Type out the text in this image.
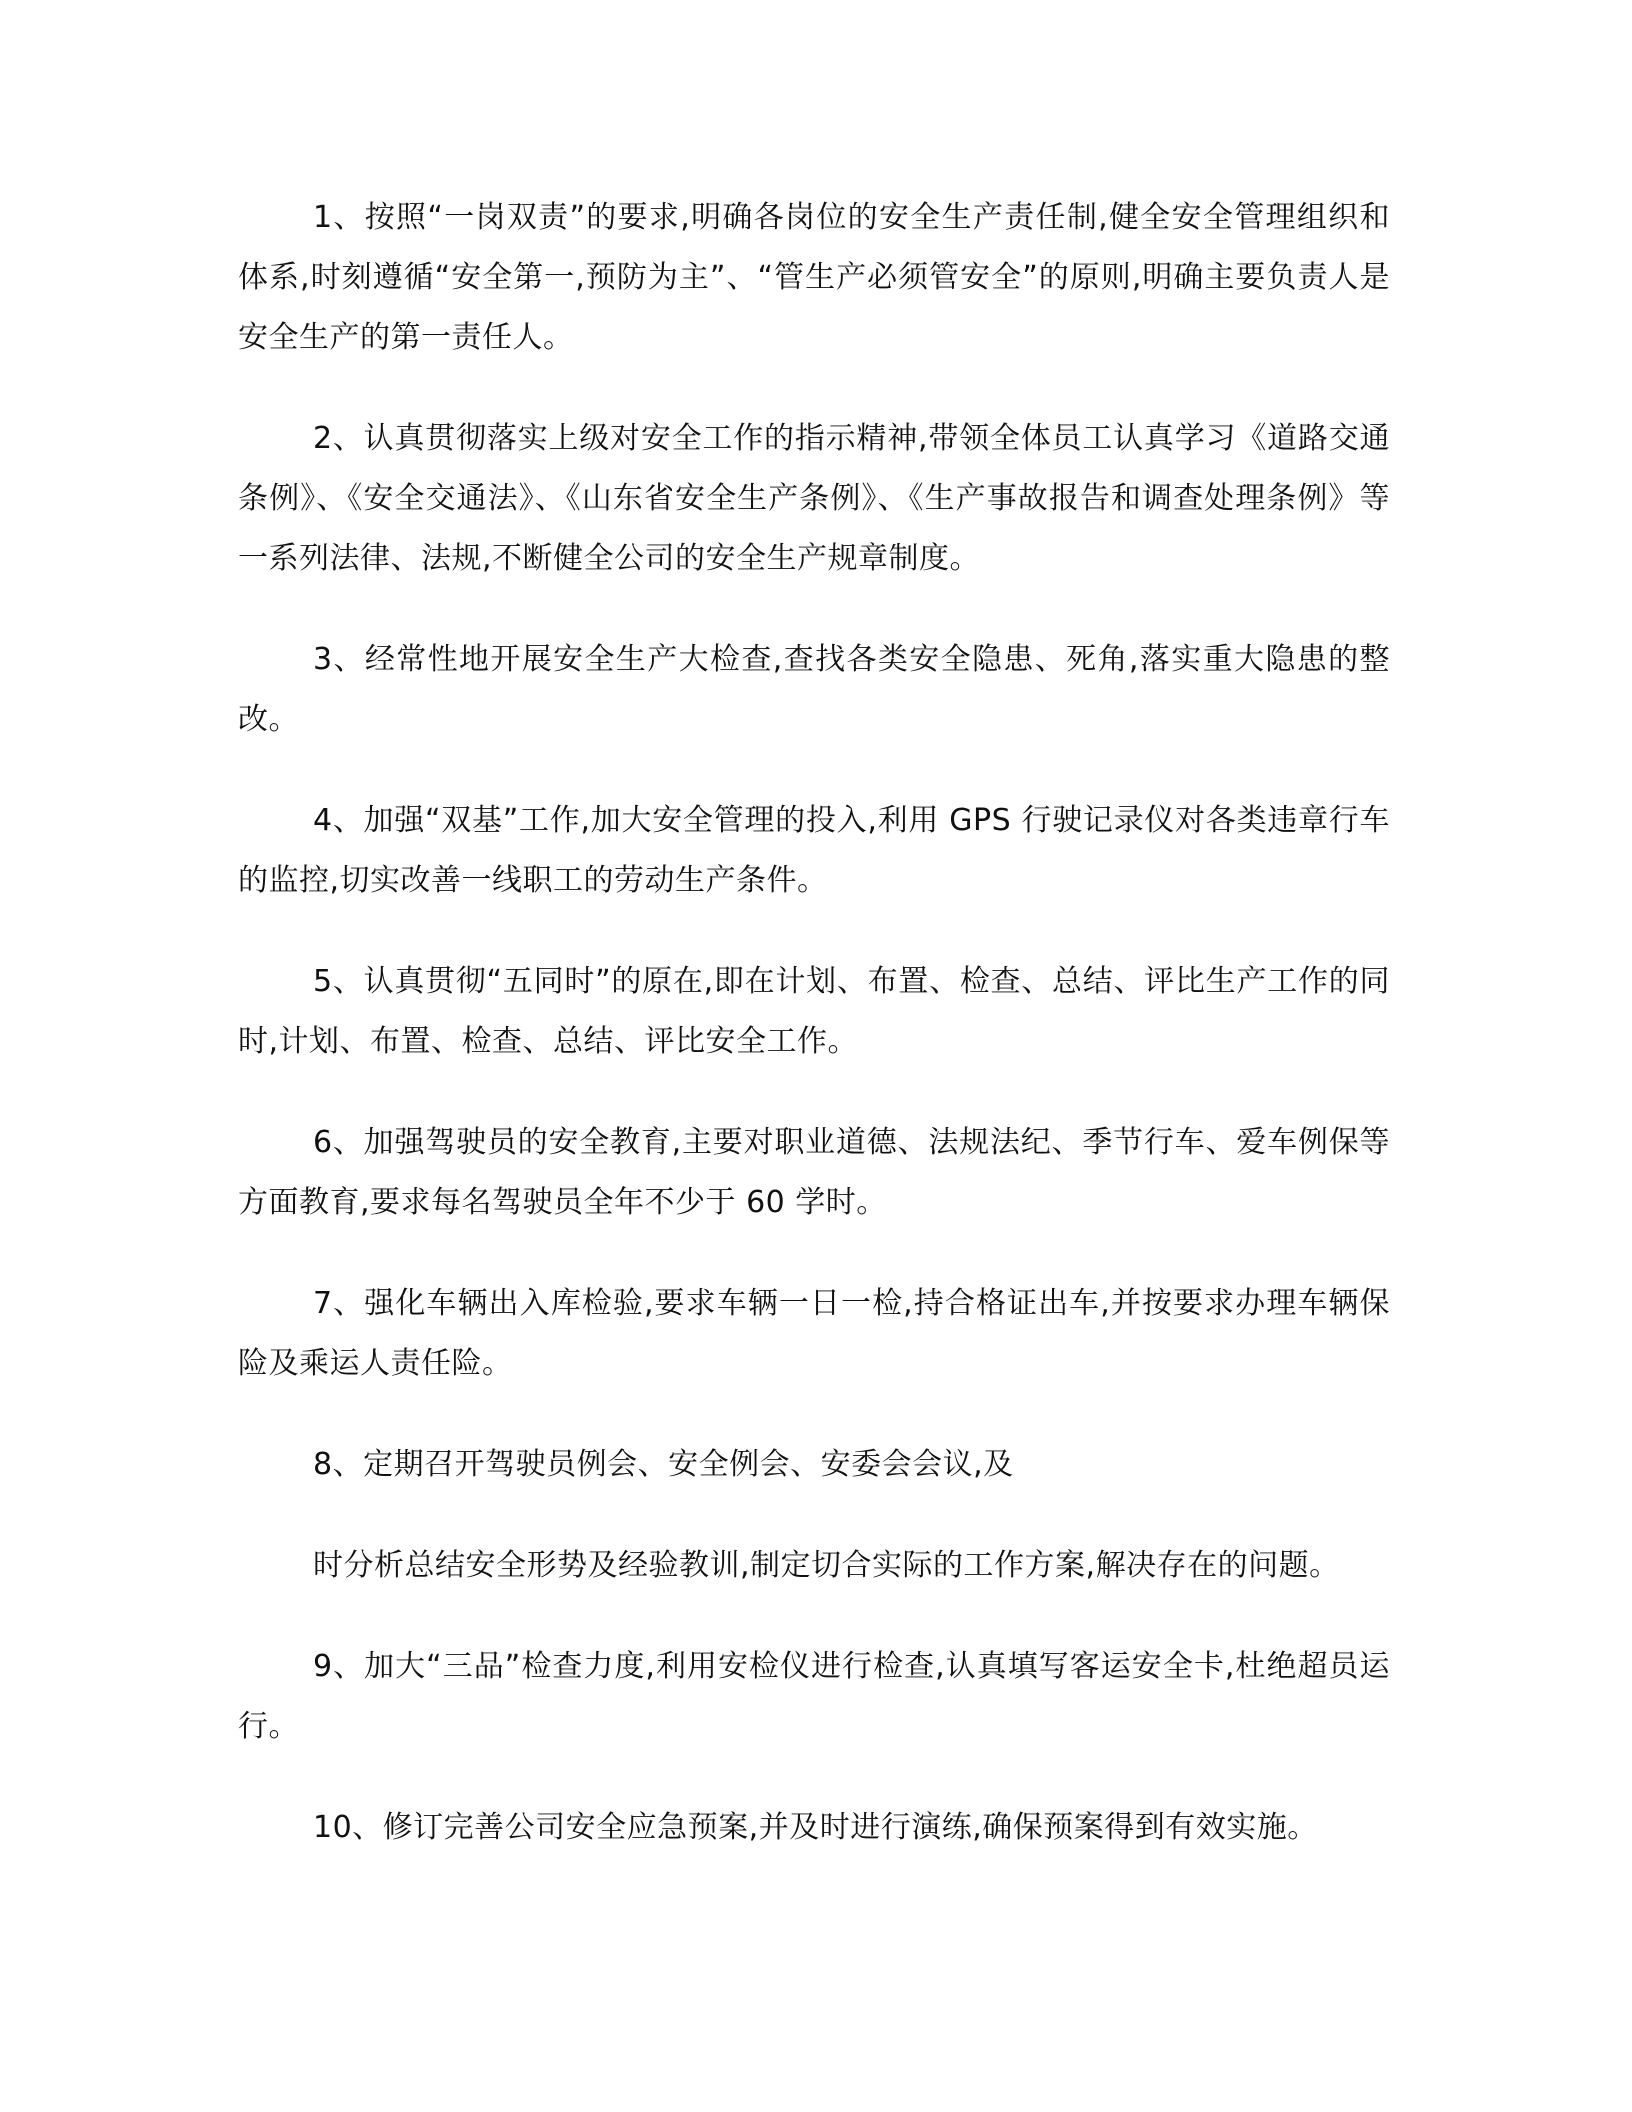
1、按照“一岗双责”的要求,明确各岗位的安全生产责任制,健全安全管理组织和体系,时刻遵循“安全第一,预防为主”、“管生产必须管安全”的原则,明确主要负责人是安全生产的第一责任人。

2、认真贯彻落实上级对安全工作的指示精神,带领全体员工认真学习《道路交通条例》、《安全交通法》、《山东省安全生产条例》、《生产事故报告和调查处理条例》等一系列法律、法规,不断健全公司的安全生产规章制度。

3、经常性地开展安全生产大检查,查找各类安全隐患、死角,落实重大隐患的整改。

4、加强“双基”工作,加大安全管理的投入,利用 GPS 行驶记录仪对各类违章行车的监控,切实改善一线职工的劳动生产条件。

5、认真贯彻“五同时”的原在,即在计划、布置、检查、总结、评比生产工作的同时,计划、布置、检查、总结、评比安全工作。

6、加强驾驶员的安全教育,主要对职业道德、法规法纪、季节行车、爱车例保等方面教育,要求每名驾驶员全年不少于 60 学时。

7、强化车辆出入库检验,要求车辆一日一检,持合格证出车,并按要求办理车辆保险及乘运人责任险。

8、定期召开驾驶员例会、安全例会、安委会会议,及

时分析总结安全形势及经验教训,制定切合实际的工作方案,解决存在的问题。

9、加大“三品”检查力度,利用安检仪进行检查,认真填写客运安全卡,杜绝超员运行。

10、修订完善公司安全应急预案,并及时进行演练,确保预案得到有效实施。
